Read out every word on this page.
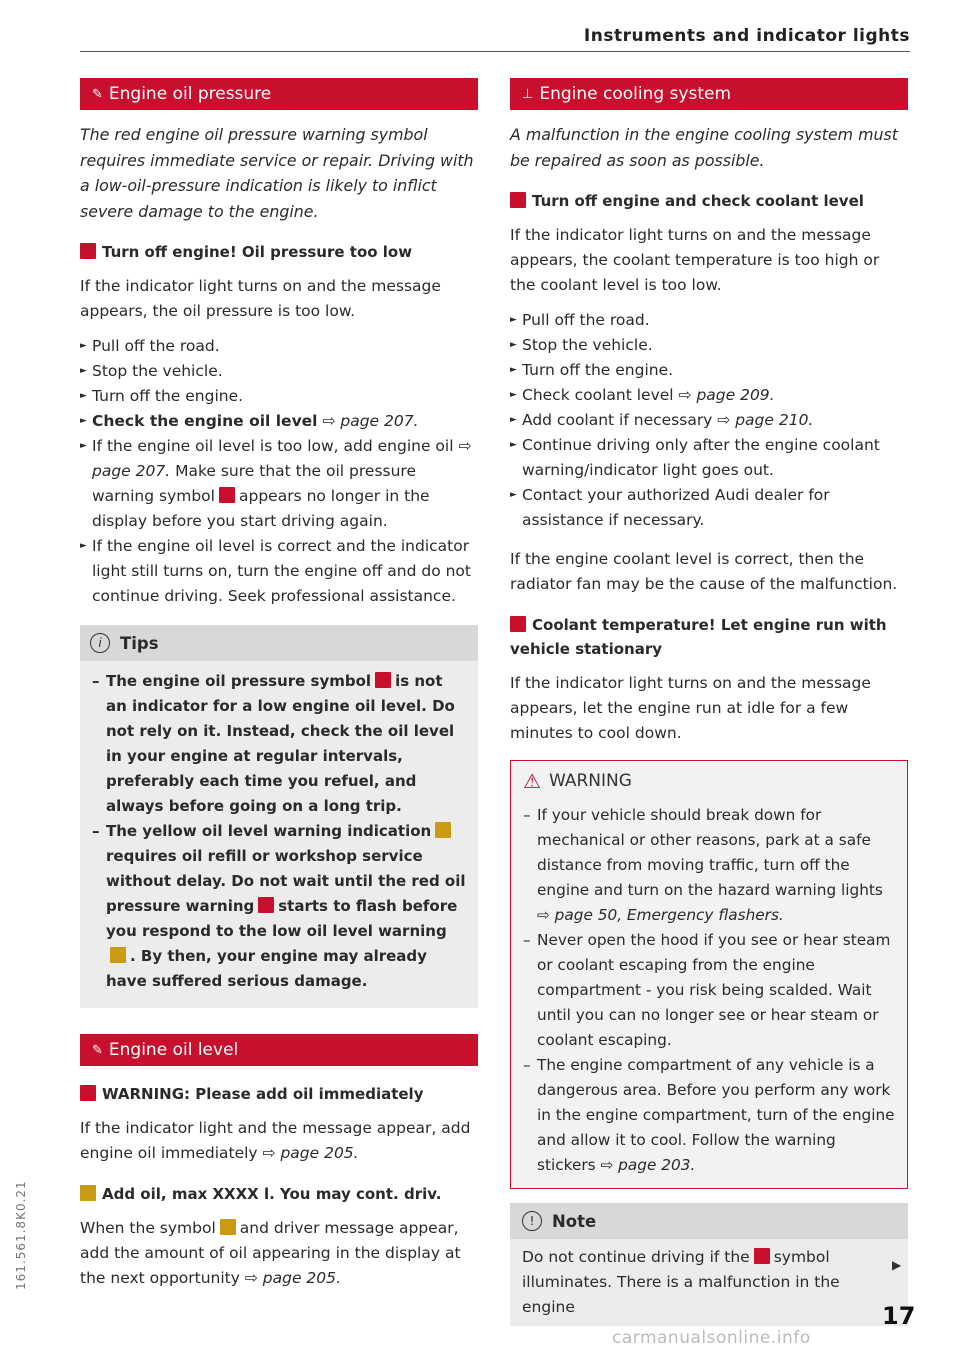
Instruments and indicator lights
✎ Engine oil pressure

The red engine oil pressure warning symbol requires immediate service or repair. Driving with a low-oil-pressure indication is likely to inflict severe damage to the engine.

Turn off engine! Oil pressure too low

If the indicator light turns on and the message appears, the oil pressure is too low.

► Pull off the road.
► Stop the vehicle.
► Turn off the engine.
► Check the engine oil level ⇨ page 207.
► If the engine oil level is too low, add engine oil ⇨ page 207. Make sure that the oil pressure warning symbol appears no longer in the display before you start driving again.
► If the engine oil level is correct and the indicator light still turns on, turn the engine off and do not continue driving. Seek professional assistance.
i	Tips
– The engine oil pressure symbol is not an indicator for a low engine oil level. Do not rely on it. Instead, check the oil level in your engine at regular intervals, preferably each time you refuel, and always before going on a long trip.
– The yellow oil level warning indicationrequires oil refill or workshop service without delay. Do not wait until the red oil pressure warning starts to flash before you respond to the low oil level warning. By then, your engine may already have suffered serious damage.
✎ Engine oil level
WARNING: Please add oil immediately

If the indicator light and the message appear, add engine oil immediately ⇨ page 205.

Add oil, max XXXX l. You may cont. driv.

When the symbol and driver message appear, add the amount of oil appearing in the display at the next opportunity ⇨ page 205.

⊥ Engine cooling system

A malfunction in the engine cooling system must be repaired as soon as possible.

Turn off engine and check coolant level

If the indicator light turns on and the message appears, the coolant temperature is too high or the coolant level is too low.

► Pull off the road.
► Stop the vehicle.
► Turn off the engine.
► Check coolant level ⇨ page 209.
► Add coolant if necessary ⇨ page 210.
► Continue driving only after the engine coolant warning/indicator light goes out.
► Contact your authorized Audi dealer for assistance if necessary.

If the engine coolant level is correct, then the radiator fan may be the cause of the malfunction.

Coolant temperature! Let engine run with vehicle stationary

If the indicator light turns on and the message appears, let the engine run at idle for a few minutes to cool down.

⚠ WARNING
– If your vehicle should break down for mechanical or other reasons, park at a safe distance from moving traffic, turn off the engine and turn on the hazard warning lights ⇨ page 50, Emergency flashers.
– Never open the hood if you see or hear steam or coolant escaping from the engine compartment - you risk being scalded. Wait until you can no longer see or hear steam or coolant escaping.
– The engine compartment of any vehicle is a dangerous area. Before you perform any work in the engine compartment, turn of the engine and allow it to cool. Follow the warning stickers ⇨ page 203.
!	Note

Do not continue driving if the symbol illuminates. There is a malfunction in the engine

▶
17
161.561.8K0.21
carmanualsonline.info
